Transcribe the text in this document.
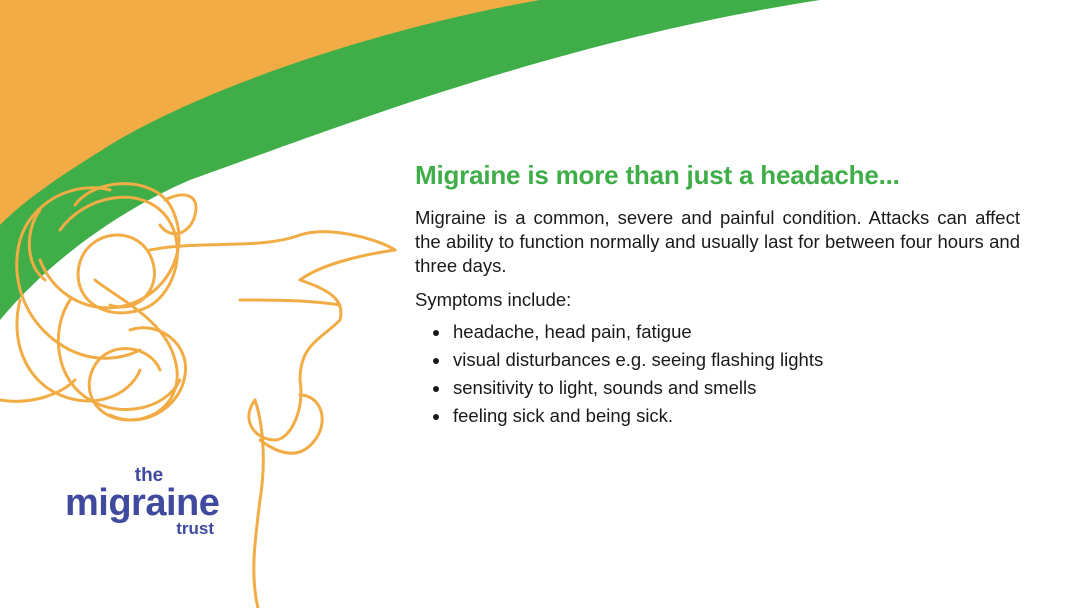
Migraine is more than just a headache...

Migraine is a common, severe and painful condition. Attacks can affect the ability to function normally and usually last for between four hours and three days.

Symptoms include:

• headache, head pain, fatigue
• visual disturbances e.g. seeing flashing lights
• sensitivity to light, sounds and smells
• feeling sick and being sick.
the
migraine
trust
